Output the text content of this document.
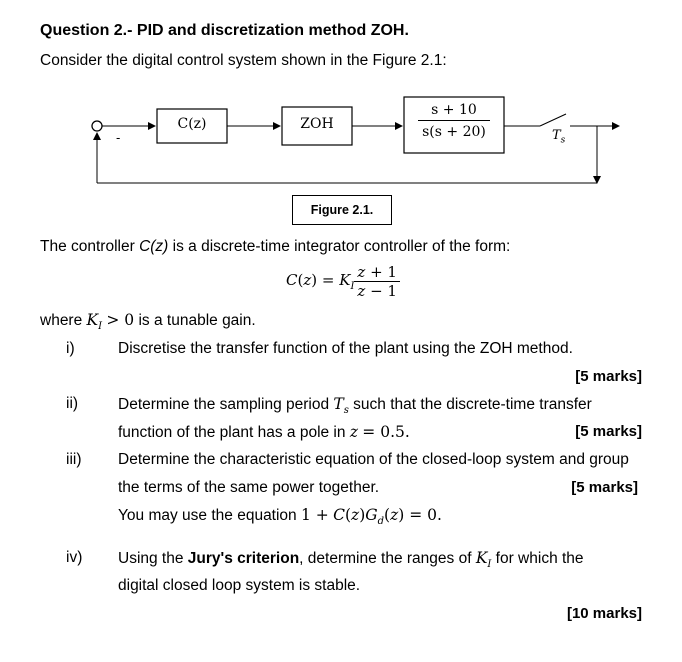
Question 2.- PID and discretization method ZOH.
Consider the digital control system shown in the Figure 2.1:
-
C(z)	ZOH	$\frac{s + 10}{s(s + 20)}$	$T_s$
Figure 2.1.
The controller C(z) is a discrete-time integrator controller of the form:
$C(z) = K_I \frac{z + 1}{z - 1}$
where $K_I > 0$ is a tunable gain.
i)	Discretise the transfer function of the plant using the ZOH method.
[5 marks]
ii)	Determine the sampling period $T_s$ such that the discrete-time transfer
function of the plant has a pole in z = 0.5.	[5 marks]
iii) Determine the characteristic equation of the closed-loop system and group
the terms of the same power together.	[5 marks]
You may use the equation $1 + C(z)G_d(z) = 0$.
iv) Using the Jury's criterion, determine the ranges of $K_I$ for which the
digital closed loop system is stable.
[10 marks]
